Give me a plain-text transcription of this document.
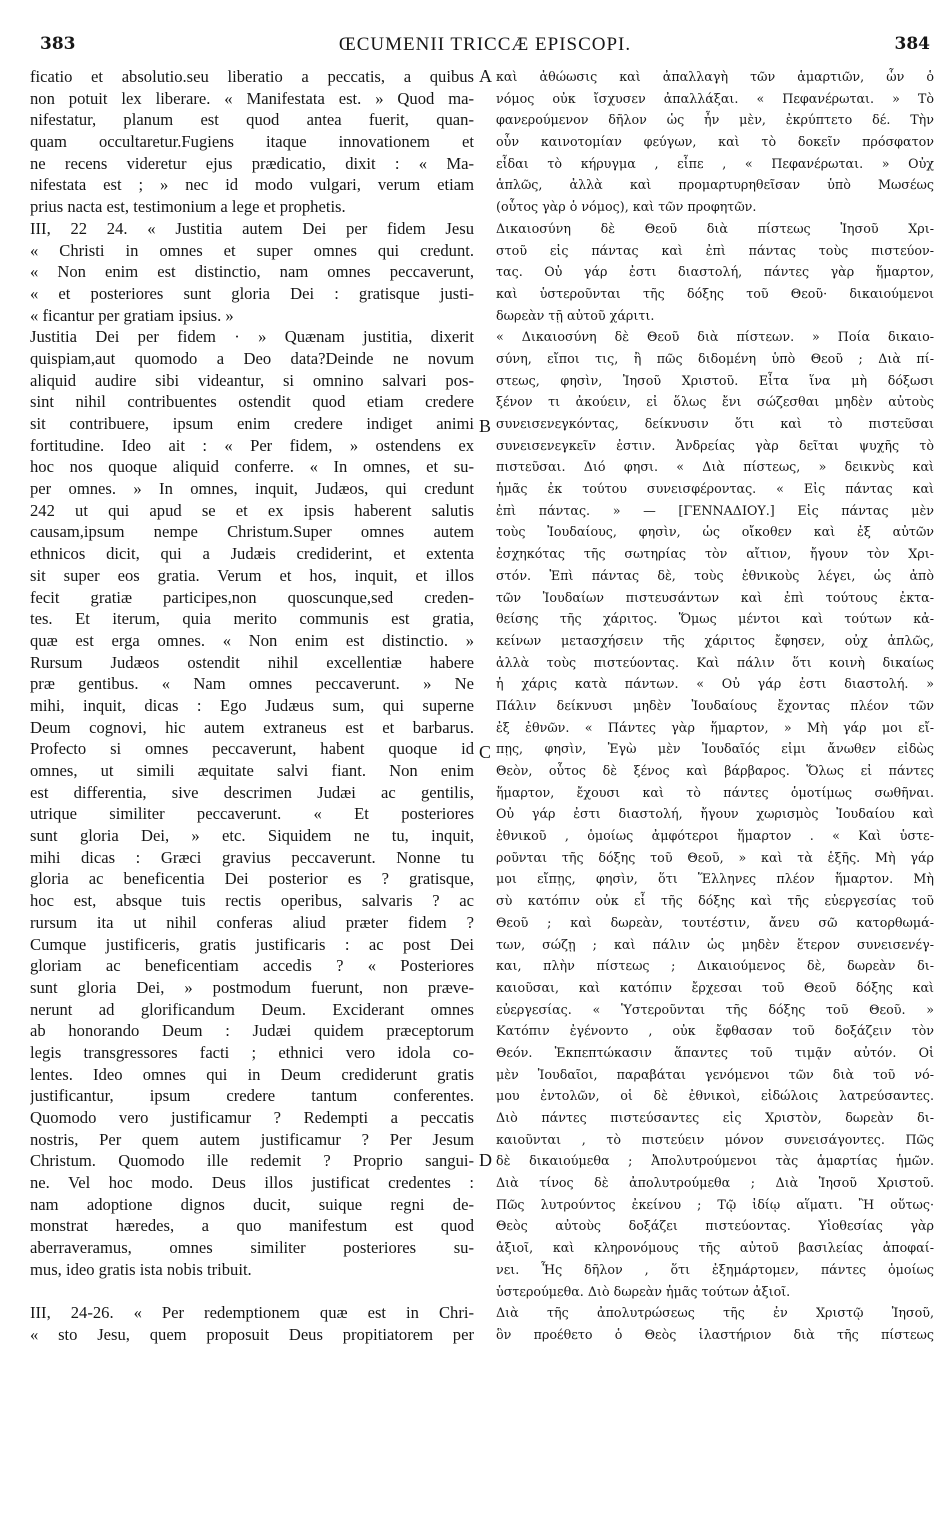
383	ŒCUMENII TRICCÆ EPISCOPI.	384
ficatio et absolutio.seu liberatio a peccatis, a quibus
non potuit lex liberare. « Manifestata est. » Quod ma-
nifestatur, planum est quod antea fuerit, quan-
quam occultaretur.Fugiens itaque innovationem et
ne recens videretur ejus prædicatio, dixit : « Ma-
nifestata est ; » nec id modo vulgari, verum etiam
prius nacta est, testimonium a lege et prophetis.
III, 22 24. « Justitia autem Dei per fidem Jesu
« Christi in omnes et super omnes qui credunt.
« Non enim est distinctio, nam omnes peccaverunt,
« et posteriores sunt gloria Dei : gratisque justi-
« ficantur per gratiam ipsius. »
Justitia Dei per fidem · » Quænam justitia, dixerit
quispiam,aut quomodo a Deo data?Deinde ne novum
aliquid audire sibi videantur, si omnino salvari pos-
sint nihil contribuentes ostendit quod etiam credere
sit contribuere, ipsum enim credere indiget animi
fortitudine. Ideo ait : « Per fidem, » ostendens ex
hoc nos quoque aliquid conferre. « In omnes, et su-
per omnes. » In omnes, inquit, Judæos, qui credunt
242 ut qui apud se et ex ipsis haberent salutis
causam,ipsum nempe Christum.Super omnes autem
ethnicos dicit, qui a Judæis crediderint, et extenta
sit super eos gratia. Verum et hos, inquit, et illos
fecit gratiæ participes,non quoscunque,sed creden-
tes. Et iterum, quia merito communis est gratia,
quæ est erga omnes. « Non enim est distinctio. »
Rursum Judæos ostendit nihil excellentiæ habere
præ gentibus. « Nam omnes peccaverunt. » Ne
mihi, inquit, dicas : Ego Judæus sum, qui superne
Deum cognovi, hic autem extraneus est et barbarus.
Profecto si omnes peccaverunt, habent quoque id
omnes, ut simili æquitate salvi fiant. Non enim
est differentia, sive descrimen Judæi ac gentilis,
utrique similiter peccaverunt. « Et posteriores
sunt gloria Dei, » etc. Siquidem ne tu, inquit,
mihi dicas : Græci gravius peccaverunt. Nonne tu
gloria ac beneficentia Dei posterior es ? gratisque,
hoc est, absque tuis rectis operibus, salvaris ? ac
rursum ita ut nihil conferas aliud præter fidem ?
Cumque justificeris, gratis justificaris : ac post Dei
gloriam ac beneficentiam accedis ? « Posteriores
sunt gloria Dei, » postmodum fuerunt, non præve-
nerunt ad glorificandum Deum. Exciderant omnes
ab honorando Deum : Judæi quidem præceptorum
legis transgressores facti ; ethnici vero idola co-
lentes. Ideo omnes qui in Deum crediderunt gratis
justificantur, ipsum credere tantum conferentes.
Quomodo vero justificamur ? Redempti a peccatis
nostris, Per quem autem justificamur ? Per Jesum
Christum. Quomodo ille redemit ? Proprio sangui-
ne. Vel hoc modo. Deus illos justificat credentes :
nam adoptione dignos ducit, suique regni de-
monstrat hæredes, a quo manifestum est quod
aberraveramus, omnes similiter posteriores su-
mus, ideo gratis ista nobis tribuit.
III, 24-26. « Per redemptionem quæ est in Chri-
« sto Jesu, quem proposuit Deus propitiatorem per
καὶ ἀθώωσις καὶ ἀπαλλαγὴ τῶν ἁμαρτιῶν, ὧν ὁ
νόμος οὐκ ἴσχυσεν ἀπαλλάξαι. « Πεφανέρωται. » Τὸ
φανερούμενον δῆλον ὡς ἦν μὲν, ἐκρύπτετο δέ. Τὴν
οὖν καινοτομίαν φεύγων, καὶ τὸ δοκεῖν πρόσφατον
εἶδαι τὸ κήρυγμα , εἶπε , « Πεφανέρωται. » Οὐχ
ἁπλῶς, ἀλλὰ καὶ προμαρτυρηθεῖσαν ὑπὸ Μωσέως
(οὗτος γὰρ ὁ νόμος), καὶ τῶν προφητῶν.
Δικαιοσύνη δὲ Θεοῦ διὰ πίστεως Ἰησοῦ Χρι-
στοῦ εἰς πάντας καὶ ἐπὶ πάντας τοὺς πιστεύον-
τας. Οὐ γάρ ἐστι διαστολή, πάντες γὰρ ἥμαρτον,
καὶ ὑστεροῦνται τῆς δόξης τοῦ Θεοῦ· δικαιούμενοι
δωρεὰν τῇ αὐτοῦ χάριτι.
« Δικαιοσύνη δὲ Θεοῦ διὰ πίστεων. » Ποία δικαιο-
σύνη, εἴποι τις, ἢ πῶς διδομένη ὑπὸ Θεοῦ ; Διὰ πί-
στεως, φησὶν, Ἰησοῦ Χριστοῦ. Εἶτα ἵνα μὴ δόξωσι
ξένον τι ἀκούειν, εἰ ὅλως ἔνι σώζεσθαι μηδὲν αὐτοὺς
συνεισενεγκόντας, δείκνυσιν ὅτι καὶ τὸ πιστεῦσαι
συνεισενεγκεῖν ἐστιν. Ἀνδρείας γὰρ δεῖται ψυχῆς τὸ
πιστεῦσαι. Διό φησι. « Διὰ πίστεως, » δεικνὺς καὶ
ἡμᾶς ἐκ τούτου συνεισφέροντας. « Εἰς πάντας καὶ
ἐπὶ πάντας. » — [ΓΕΝΝΑΔΙΟΥ.] Εἰς πάντας μὲν
τοὺς Ἰουδαίους, φησὶν, ὡς οἴκοθεν καὶ ἐξ αὐτῶν
ἐσχηκότας τῆς σωτηρίας τὸν αἴτιον, ἤγουν τὸν Χρι-
στόν. Ἐπὶ πάντας δὲ, τοὺς ἐθνικοὺς λέγει, ὡς ἀπὸ
τῶν Ἰουδαίων πιστευσάντων καὶ ἐπὶ τούτους ἐκτα-
θείσης τῆς χάριτος. Ὅμως μέντοι καὶ τούτων κἀ-
κείνων μετασχήσειν τῆς χάριτος ἔφησεν, οὐχ ἁπλῶς,
ἀλλὰ τοὺς πιστεύοντας. Καὶ πάλιν ὅτι κοινὴ δικαίως
ἡ χάρις κατὰ πάντων. « Οὐ γάρ ἐστι διαστολή. »
Πάλιν δείκνυσι μηδὲν Ἰουδαίους ἔχοντας πλέον τῶν
ἐξ ἐθνῶν. « Πάντες γὰρ ἥμαρτον, » Μὴ γάρ μοι εἴ-
πῃς, φησὶν, Ἐγὼ μὲν Ἰουδαῖός εἰμι ἄνωθεν εἰδὼς
Θεὸν, οὗτος δὲ ξένος καὶ βάρβαρος. Ὅλως εἰ πάντες
ἥμαρτον, ἔχουσι καὶ τὸ πάντες ὁμοτίμως σωθῆναι.
Οὐ γάρ ἐστι διαστολή, ἤγουν χωρισμὸς Ἰουδαίου καὶ
ἐθνικοῦ , ὁμοίως ἀμφότεροι ἥμαρτον . « Καὶ ὑστε-
ροῦνται τῆς δόξης τοῦ Θεοῦ, » καὶ τὰ ἑξῆς. Μὴ γάρ
μοι εἴπῃς, φησὶν, ὅτι Ἕλληνες πλέον ἥμαρτον. Μὴ
σὺ κατόπιν οὐκ εἶ τῆς δόξης καὶ τῆς εὐεργεσίας τοῦ
Θεοῦ ; καὶ δωρεὰν, τουτέστιν, ἄνευ σῶ κατορθωμά-
των, σώζῃ ; καὶ πάλιν ὡς μηδὲν ἕτερον συνεισενέγ-
και, πλὴν πίστεως ; Δικαιούμενος δὲ, δωρεὰν δι-
καιοῦσαι, καὶ κατόπιν ἔρχεσαι τοῦ Θεοῦ δόξης καὶ
εὐεργεσίας. « Ὑστεροῦνται τῆς δόξης τοῦ Θεοῦ. »
Κατόπιν ἐγένοντο , οὐκ ἔφθασαν τοῦ δοξάζειν τὸν
Θεόν. Ἐκπεπτώκασιν ἅπαντες τοῦ τιμᾷν αὐτόν. Οἱ
μὲν Ἰουδαῖοι, παραβάται γενόμενοι τῶν διὰ τοῦ νό-
μου ἐντολῶν, οἱ δὲ ἐθνικοὶ, εἰδώλοις λατρεύσαντες.
Διὸ πάντες πιστεύσαντες εἰς Χριστὸν, δωρεὰν δι-
καιοῦνται , τὸ πιστεύειν μόνον συνεισάγοντες. Πῶς
δὲ δικαιούμεθα ; Ἀπολυτρούμενοι τὰς ἁμαρτίας ἡμῶν.
Διὰ τίνος δὲ ἀπολυτρούμεθα ; Διὰ Ἰησοῦ Χριστοῦ.
Πῶς λυτρούντος ἐκείνου ; Τῷ ἰδίῳ αἵματι. Ἢ οὕτως·
Θεὸς αὐτοὺς δοξάζει πιστεύοντας. Υἱοθεσίας γὰρ
ἀξιοῖ, καὶ κληρονόμους τῆς αὐτοῦ βασιλείας ἀποφαί-
νει. Ἧς δῆλον , ὅτι ἐξημάρτομεν, πάντες ὁμοίως
ὑστερούμεθα. Διὸ δωρεὰν ἡμᾶς τούτων ἀξιοῖ.
Διὰ τῆς ἀπολυτρώσεως τῆς ἐν Χριστῷ Ἰησοῦ,
ὃν προέθετο ὁ Θεὸς ἱλαστήριον διὰ τῆς πίστεως
A
B
C
D
